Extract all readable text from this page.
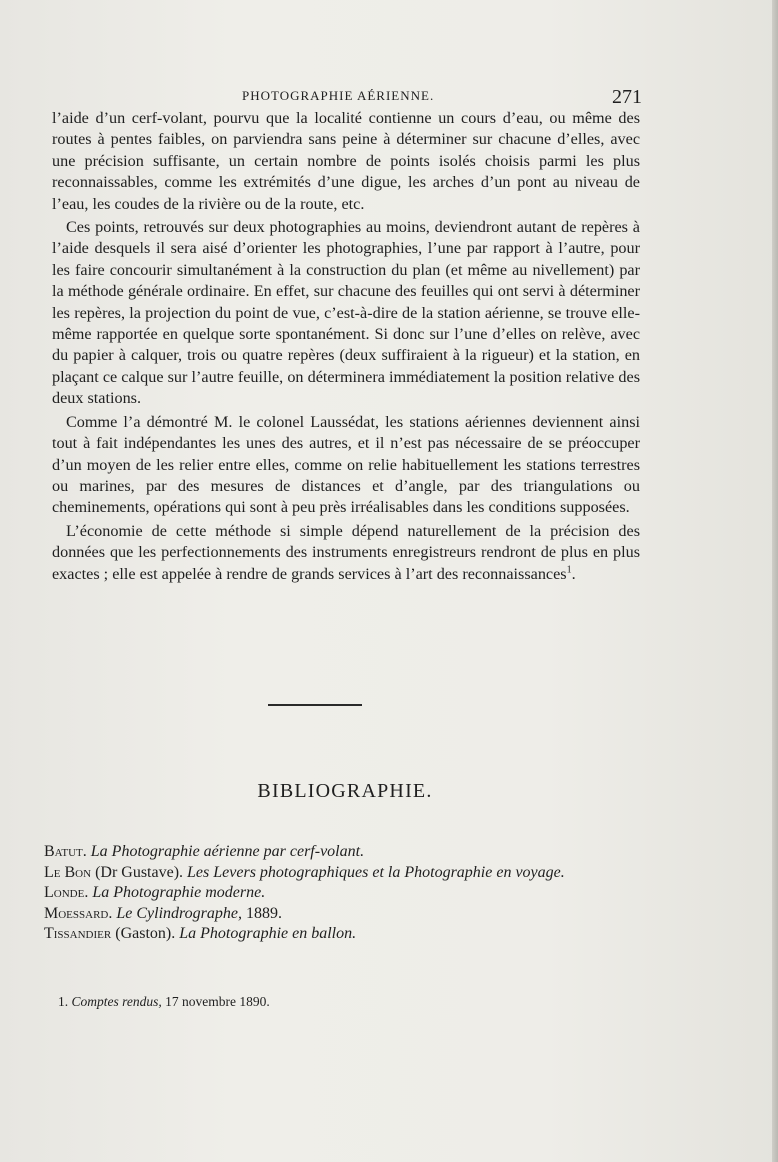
PHOTOGRAPHIE AÉRIENNE.	271

l’aide d’un cerf-volant, pourvu que la localité contienne un cours d’eau, ou même des routes à pentes faibles, on parviendra sans peine à déterminer sur chacune d’elles, avec une précision suffisante, un certain nombre de points isolés choisis parmi les plus reconnaissables, comme les extrémités d’une digue, les arches d’un pont au niveau de l’eau, les coudes de la rivière ou de la route, etc.

Ces points, retrouvés sur deux photographies au moins, deviendront autant de repères à l’aide desquels il sera aisé d’orienter les photographies, l’une par rapport à l’autre, pour les faire concourir simultanément à la construction du plan (et même au nivellement) par la méthode générale ordinaire. En effet, sur chacune des feuilles qui ont servi à déterminer les repères, la projection du point de vue, c’est-à-dire de la station aérienne, se trouve elle-même rapportée en quelque sorte spontanément. Si donc sur l’une d’elles on relève, avec du papier à calquer, trois ou quatre repères (deux suffiraient à la rigueur) et la station, en plaçant ce calque sur l’autre feuille, on déterminera immédiatement la position relative des deux stations.

Comme l’a démontré M. le colonel Laussédat, les stations aériennes deviennent ainsi tout à fait indépendantes les unes des autres, et il n’est pas nécessaire de se préoccuper d’un moyen de les relier entre elles, comme on relie habituellement les stations terrestres ou marines, par des mesures de distances et d’angle, par des triangulations ou cheminements, opérations qui sont à peu près irréalisables dans les conditions supposées.

L’économie de cette méthode si simple dépend naturellement de la précision des données que les perfectionnements des instruments enregistreurs rendront de plus en plus exactes ; elle est appelée à rendre de grands services à l’art des reconnaissances$^1$.

BIBLIOGRAPHIE.

Batut. La Photographie aérienne par cerf-volant.

Le Bon (Dr Gustave). Les Levers photographiques et la Photographie en voyage.

Londe. La Photographie moderne.

Moessard. Le Cylindrographe, 1889.

Tissandier (Gaston). La Photographie en ballon.

1. Comptes rendus, 17 novembre 1890.
